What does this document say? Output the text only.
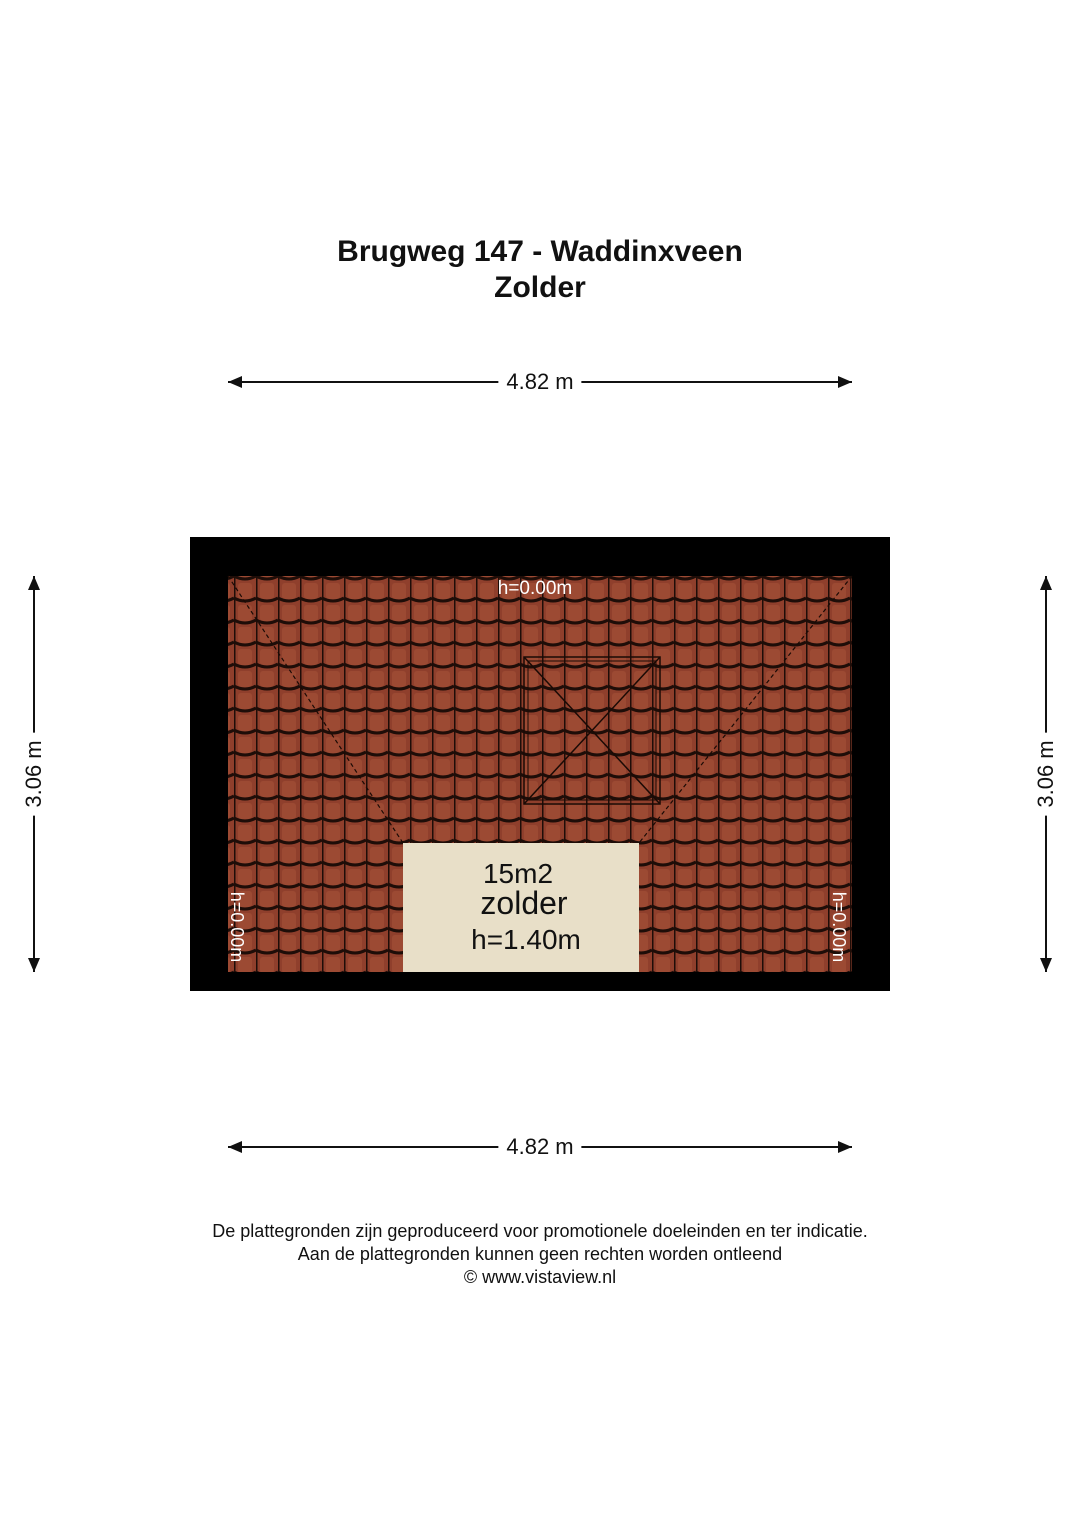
Brugweg 147 - Waddinxveen
Zolder
4.82 m
3.06 m	3.06 m
h=0.00m
h=0.00m	h=0.00m
15m2
zolder
h=1.40m
4.82 m
De plattegronden zijn geproduceerd voor promotionele doeleinden en ter indicatie.
Aan de plattegronden kunnen geen rechten worden ontleend
© www.vistaview.nl
